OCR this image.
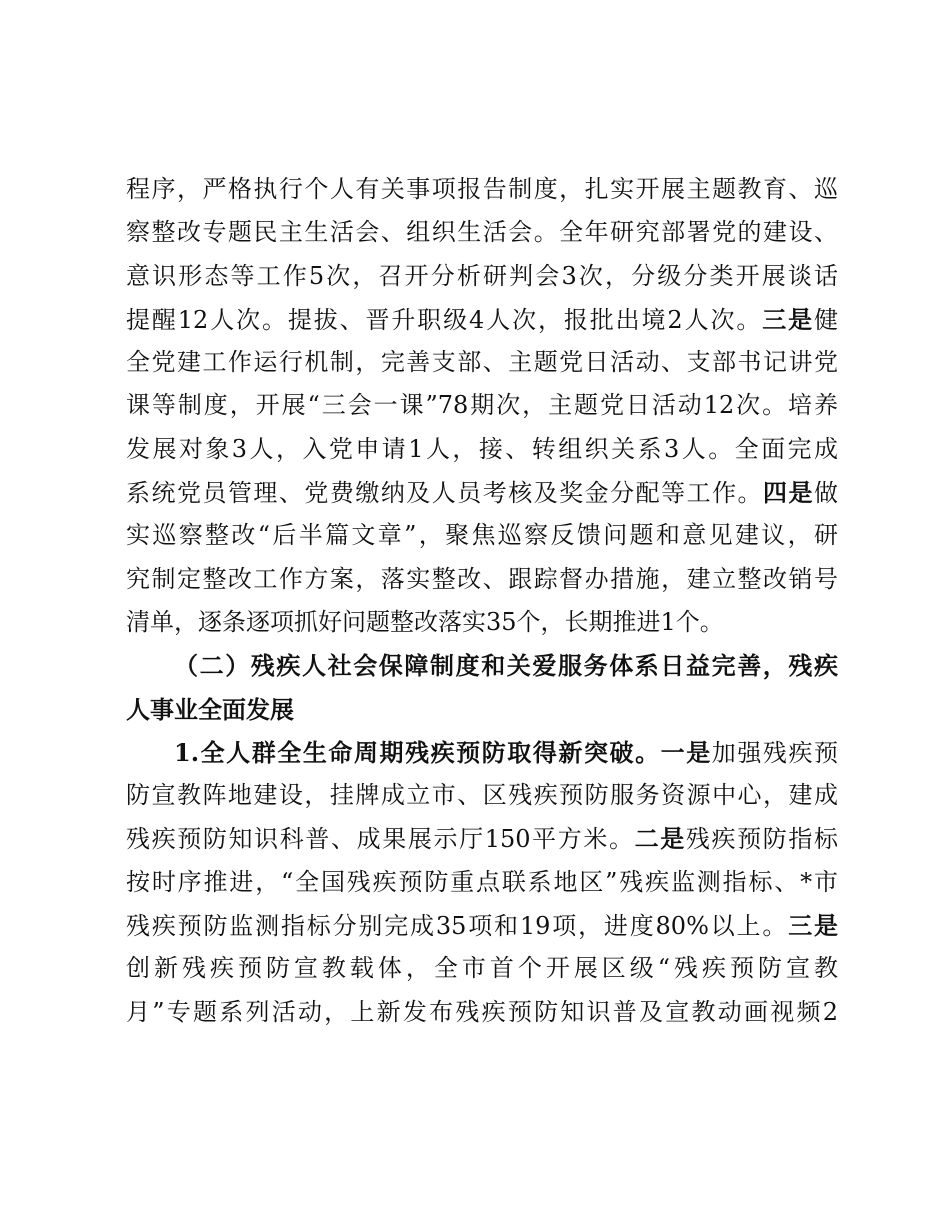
程序，严格执行个人有关事项报告制度，扎实开展主题教育、巡
察整改专题民主生活会、组织生活会。全年研究部署党的建设、
意识形态等工作5次，召开分析研判会3次，分级分类开展谈话
提醒12人次。提拔、晋升职级4人次，报批出境2人次。三是健
全党建工作运行机制，完善支部、主题党日活动、支部书记讲党
课等制度，开展“三会一课”78期次，主题党日活动12次。培养
发展对象3人，入党申请1人，接、转组织关系3人。全面完成
系统党员管理、党费缴纳及人员考核及奖金分配等工作。四是做
实巡察整改“后半篇文章”，聚焦巡察反馈问题和意见建议，研
究制定整改工作方案，落实整改、跟踪督办措施，建立整改销号
清单，逐条逐项抓好问题整改落实35个，长期推进1个。
（二）残疾人社会保障制度和关爱服务体系日益完善，残疾
人事业全面发展
1.全人群全生命周期残疾预防取得新突破。一是加强残疾预
防宣教阵地建设，挂牌成立市、区残疾预防服务资源中心，建成
残疾预防知识科普、成果展示厅150平方米。二是残疾预防指标
按时序推进，“全国残疾预防重点联系地区”残疾监测指标、*市
残疾预防监测指标分别完成35项和19项，进度80%以上。三是
创新残疾预防宣教载体，全市首个开展区级“残疾预防宣教
月”专题系列活动，上新发布残疾预防知识普及宣教动画视频2
